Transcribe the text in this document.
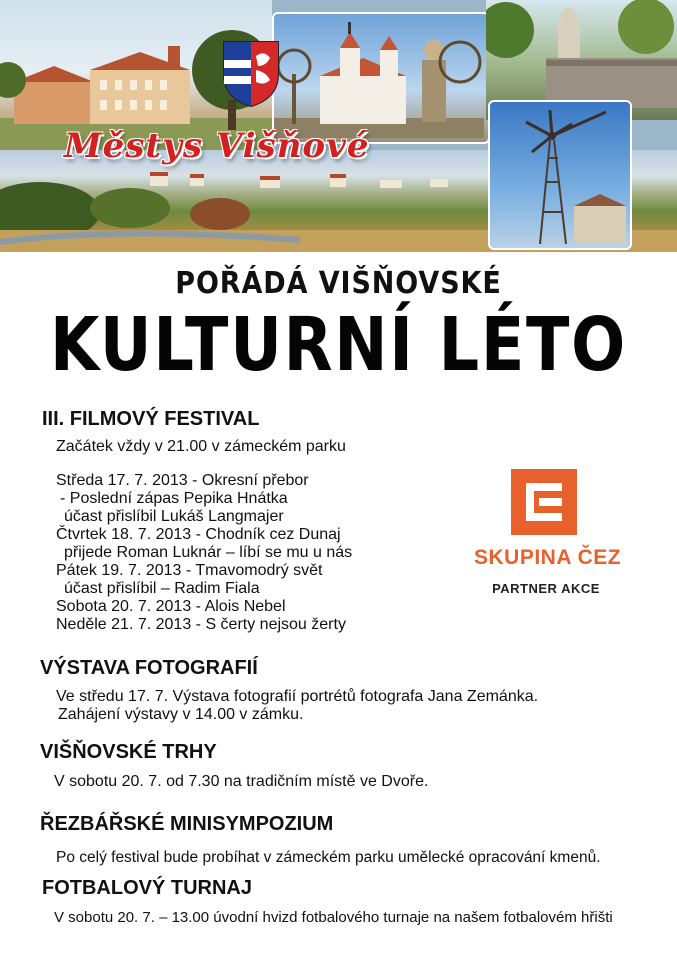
Městys Višňové
POŘÁDÁ VIŠŇOVSKÉ
KULTURNÍ LÉTO
III. FILMOVÝ FESTIVAL
Začátek vždy v 21.00 v zámeckém parku
Středa 17. 7. 2013 - Okresní přebor
- Poslední zápas Pepika Hnátka
účast přislíbil Lukáš Langmajer
Čtvrtek 18. 7. 2013 - Chodník cez Dunaj
přijede Roman Luknár – líbí se mu u nás
Pátek 19. 7. 2013 - Tmavomodrý svět
účast přislíbil – Radim Fiala
Sobota 20. 7. 2013 - Alois Nebel
Neděle 21. 7. 2013 - S čerty nejsou žerty
SKUPINA ČEZ
PARTNER AKCE
VÝSTAVA FOTOGRAFIÍ
Ve středu 17. 7. Výstava fotografií portrétů fotografa Jana Zemánka.
Zahájení výstavy v 14.00 v zámku.
VIŠŇOVSKÉ TRHY
V sobotu 20. 7. od 7.30 na tradičním místě ve Dvoře.
ŘEZBÁŘSKÉ MINISYMPOZIUM
Po celý festival bude probíhat v zámeckém parku umělecké opracování kmenů.
FOTBALOVÝ TURNAJ
V sobotu 20. 7. – 13.00 úvodní hvizd fotbalového turnaje na našem fotbalovém hřišti
